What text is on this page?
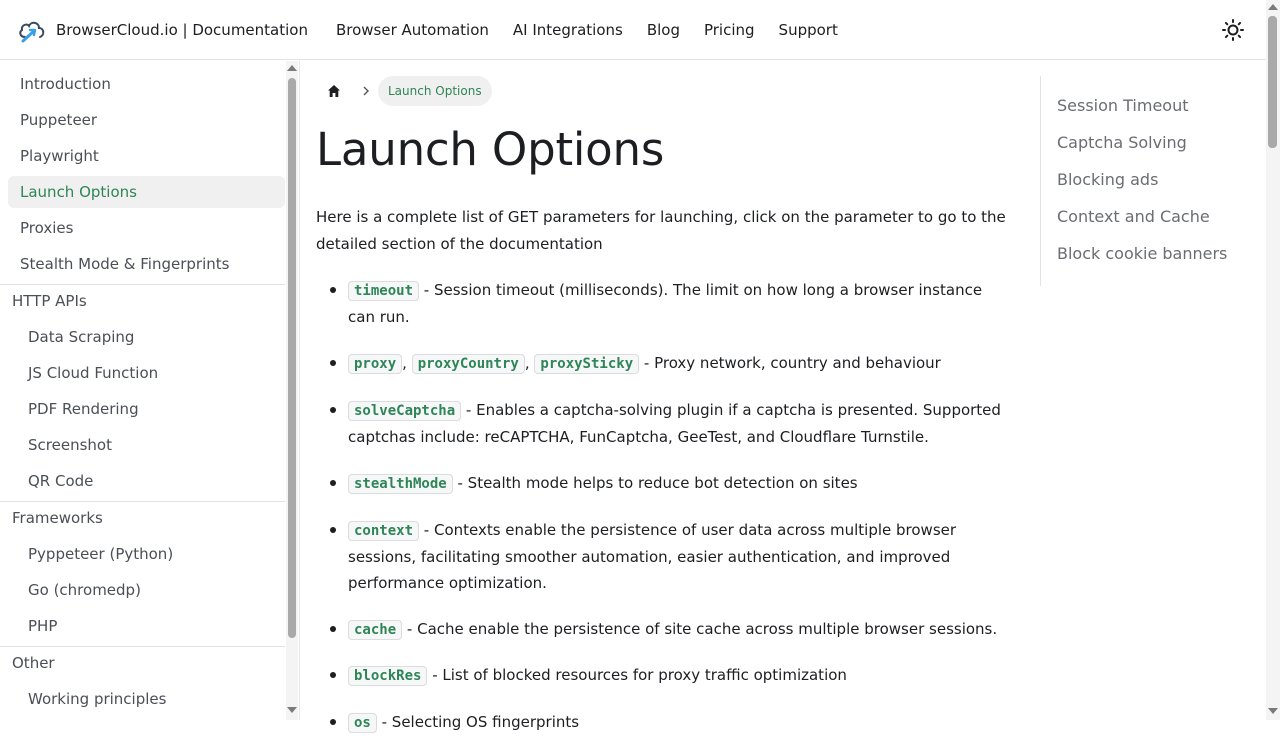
BrowserCloud.io | Documentation Browser Automation AI Integrations Blog Pricing Support
Introduction
Puppeteer
Playwright
Launch Options
Proxies
Stealth Mode & Fingerprints
HTTP APIs
Data Scraping
JS Cloud Function
PDF Rendering
Screenshot
QR Code
Frameworks
Pyppeteer (Python)
Go (chromedp)
PHP
Other
Working principles
Launch Options
Launch Options

Here is a complete list of GET parameters for launching, click on the parameter to go to the detailed section of the documentation

timeout - Session timeout (milliseconds). The limit on how long a browser instance can run.
proxy , proxyCountry , proxySticky - Proxy network, country and behaviour
solveCaptcha - Enables a captcha-solving plugin if a captcha is presented. Supported captchas include: reCAPTCHA, FunCaptcha, GeeTest, and Cloudflare Turnstile.
stealthMode - Stealth mode helps to reduce bot detection on sites
context - Contexts enable the persistence of user data across multiple browser sessions, facilitating smoother automation, easier authentication, and improved performance optimization.
cache - Cache enable the persistence of site cache across multiple browser sessions.
blockRes - List of blocked resources for proxy traffic optimization
os - Selecting OS fingerprints
Session Timeout
Captcha Solving
Blocking ads
Context and Cache
Block cookie banners
